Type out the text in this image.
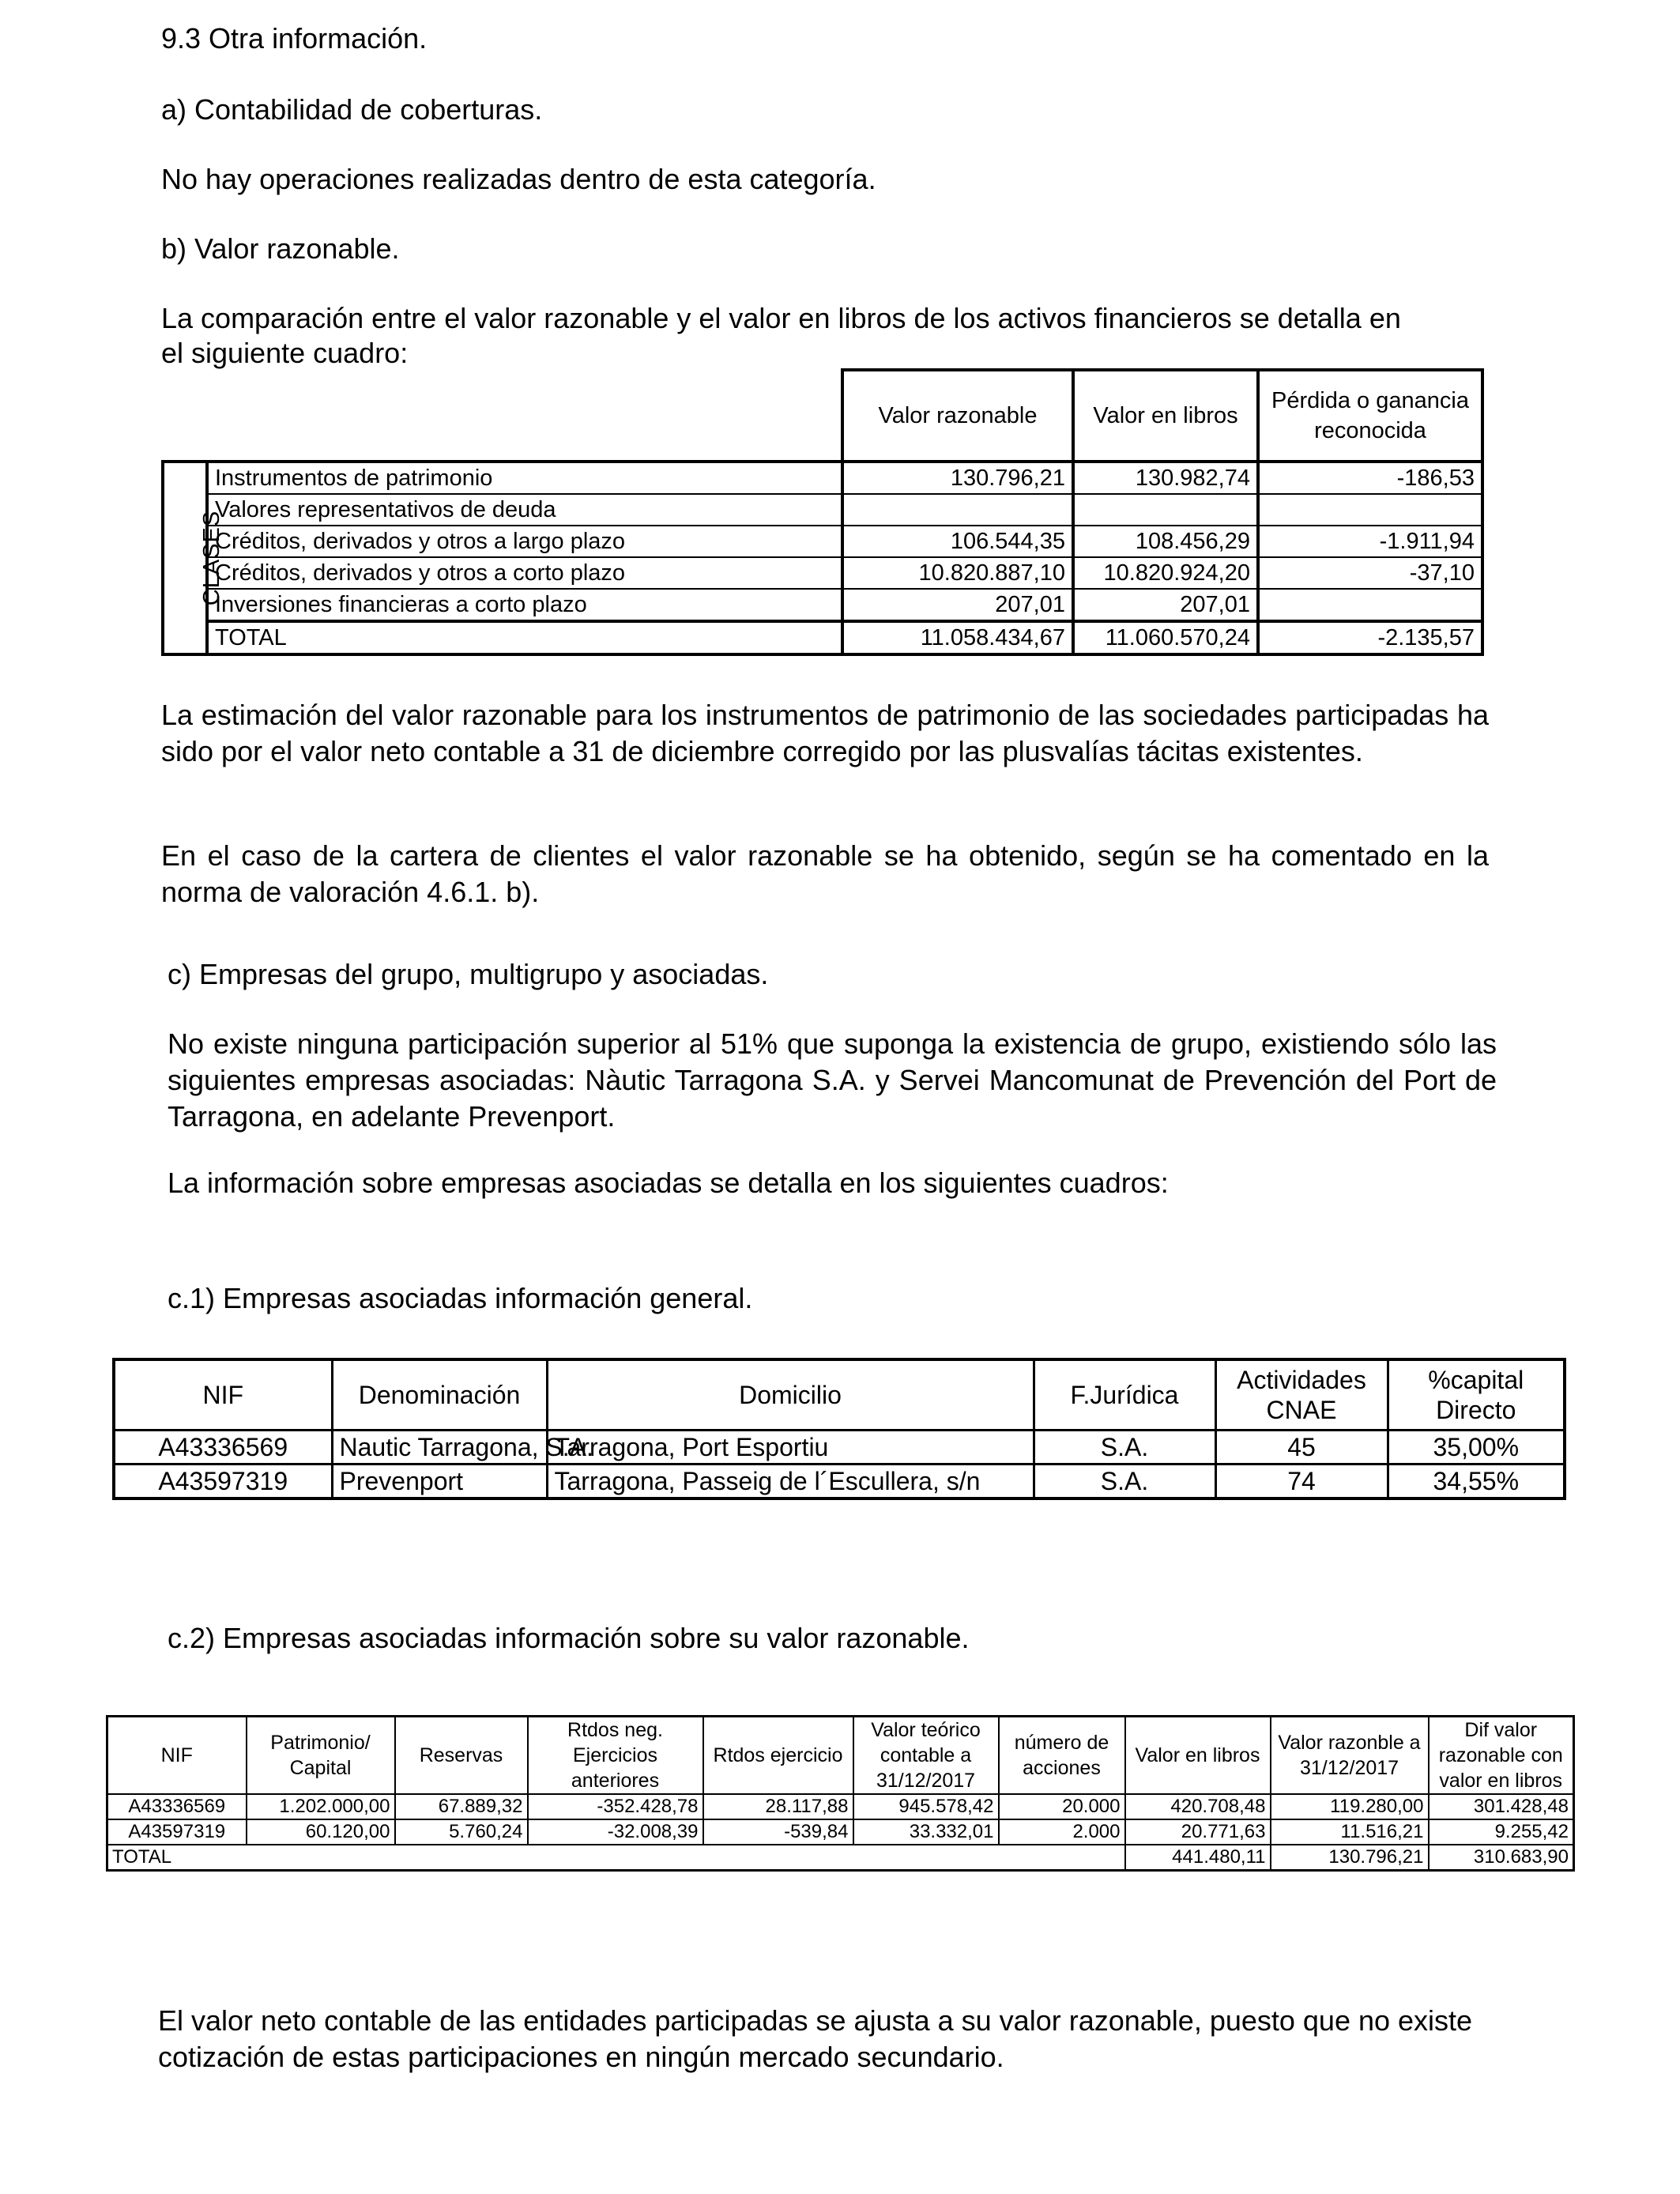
9.3 Otra información.

a) Contabilidad de coberturas.

No hay operaciones realizadas dentro de esta categoría.

b) Valor razonable.

La comparación entre el valor razonable y el valor en libros de los activos financieros se detalla en

el siguiente cuadro:

		Valor razonable	Valor en libros	Pérdida o ganancia reconocida
CLASES	Instrumentos de patrimonio	130.796,21	130.982,74	-186,53
	Valores representativos de deuda			
	Créditos, derivados y otros a largo plazo	106.544,35	108.456,29	-1.911,94
	Créditos, derivados y otros a corto plazo	10.820.887,10	10.820.924,20	-37,10
	Inversiones financieras a corto plazo	207,01	207,01	
	TOTAL	11.058.434,67	11.060.570,24	-2.135,57

La estimación del valor razonable para los instrumentos de patrimonio de las sociedades participadas ha sido por el valor neto contable a 31 de diciembre corregido por las plusvalías tácitas existentes.

En el caso de la cartera de clientes el valor razonable se ha obtenido, según se ha comentado en la norma de valoración 4.6.1. b).

c) Empresas del grupo, multigrupo y asociadas.

No existe ninguna participación superior al 51% que suponga la existencia de grupo, existiendo sólo las siguientes empresas asociadas: Nàutic Tarragona S.A. y Servei Mancomunat de Prevención del Port de Tarragona, en adelante Prevenport.

La información sobre empresas asociadas se detalla en los siguientes cuadros:

c.1) Empresas asociadas información general.

NIF	Denominación	Domicilio	F.Jurídica	Actividades CNAE	%capital Directo
A43336569	Nautic Tarragona, S.A.	Tarragona, Port Esportiu	S.A.	45	35,00%
A43597319	Prevenport	Tarragona, Passeig de l´Escullera, s/n	S.A.	74	34,55%

c.2) Empresas asociadas información sobre su valor razonable.

NIF	Patrimonio/ Capital	Reservas	Rtdos neg. Ejercicios anteriores	Rtdos ejercicio	Valor teórico contable a 31/12/2017	número de acciones	Valor en libros	Valor razonble a 31/12/2017	Dif valor razonable con valor en libros
A43336569	1.202.000,00	67.889,32	-352.428,78	28.117,88	945.578,42	20.000	420.708,48	119.280,00	301.428,48
A43597319	60.120,00	5.760,24	-32.008,39	-539,84	33.332,01	2.000	20.771,63	11.516,21	9.255,42
TOTAL							441.480,11	130.796,21	310.683,90

El valor neto contable de las entidades participadas se ajusta a su valor razonable, puesto que no existe cotización de estas participaciones en ningún mercado secundario.
